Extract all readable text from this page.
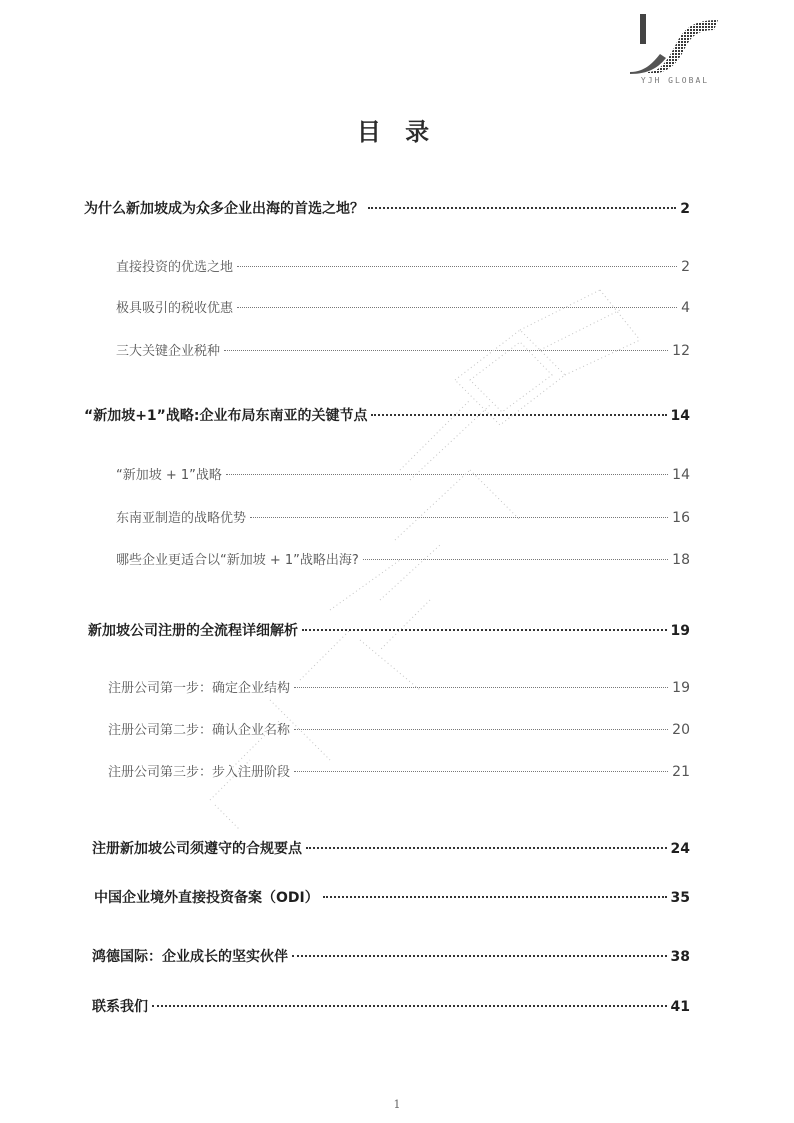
YJH GLOBAL
目 录
为什么新加坡成为众多企业出海的首选之地？	2
直接投资的优选之地	2
极具吸引的税收优惠	4
三大关键企业税种	12
“新加坡+1”战略:企业布局东南亚的关键节点	14
“新加坡 + 1”战略	14
东南亚制造的战略优势	16
哪些企业更适合以“新加坡 + 1”战略出海?	18
新加坡公司注册的全流程详细解析	19
注册公司第一步：确定企业结构	19
注册公司第二步：确认企业名称	20
注册公司第三步：步入注册阶段	21
注册新加坡公司须遵守的合规要点	24
中国企业境外直接投资备案（ODI）	35
鸿德国际：企业成长的坚实伙伴	38
联系我们	41
1
